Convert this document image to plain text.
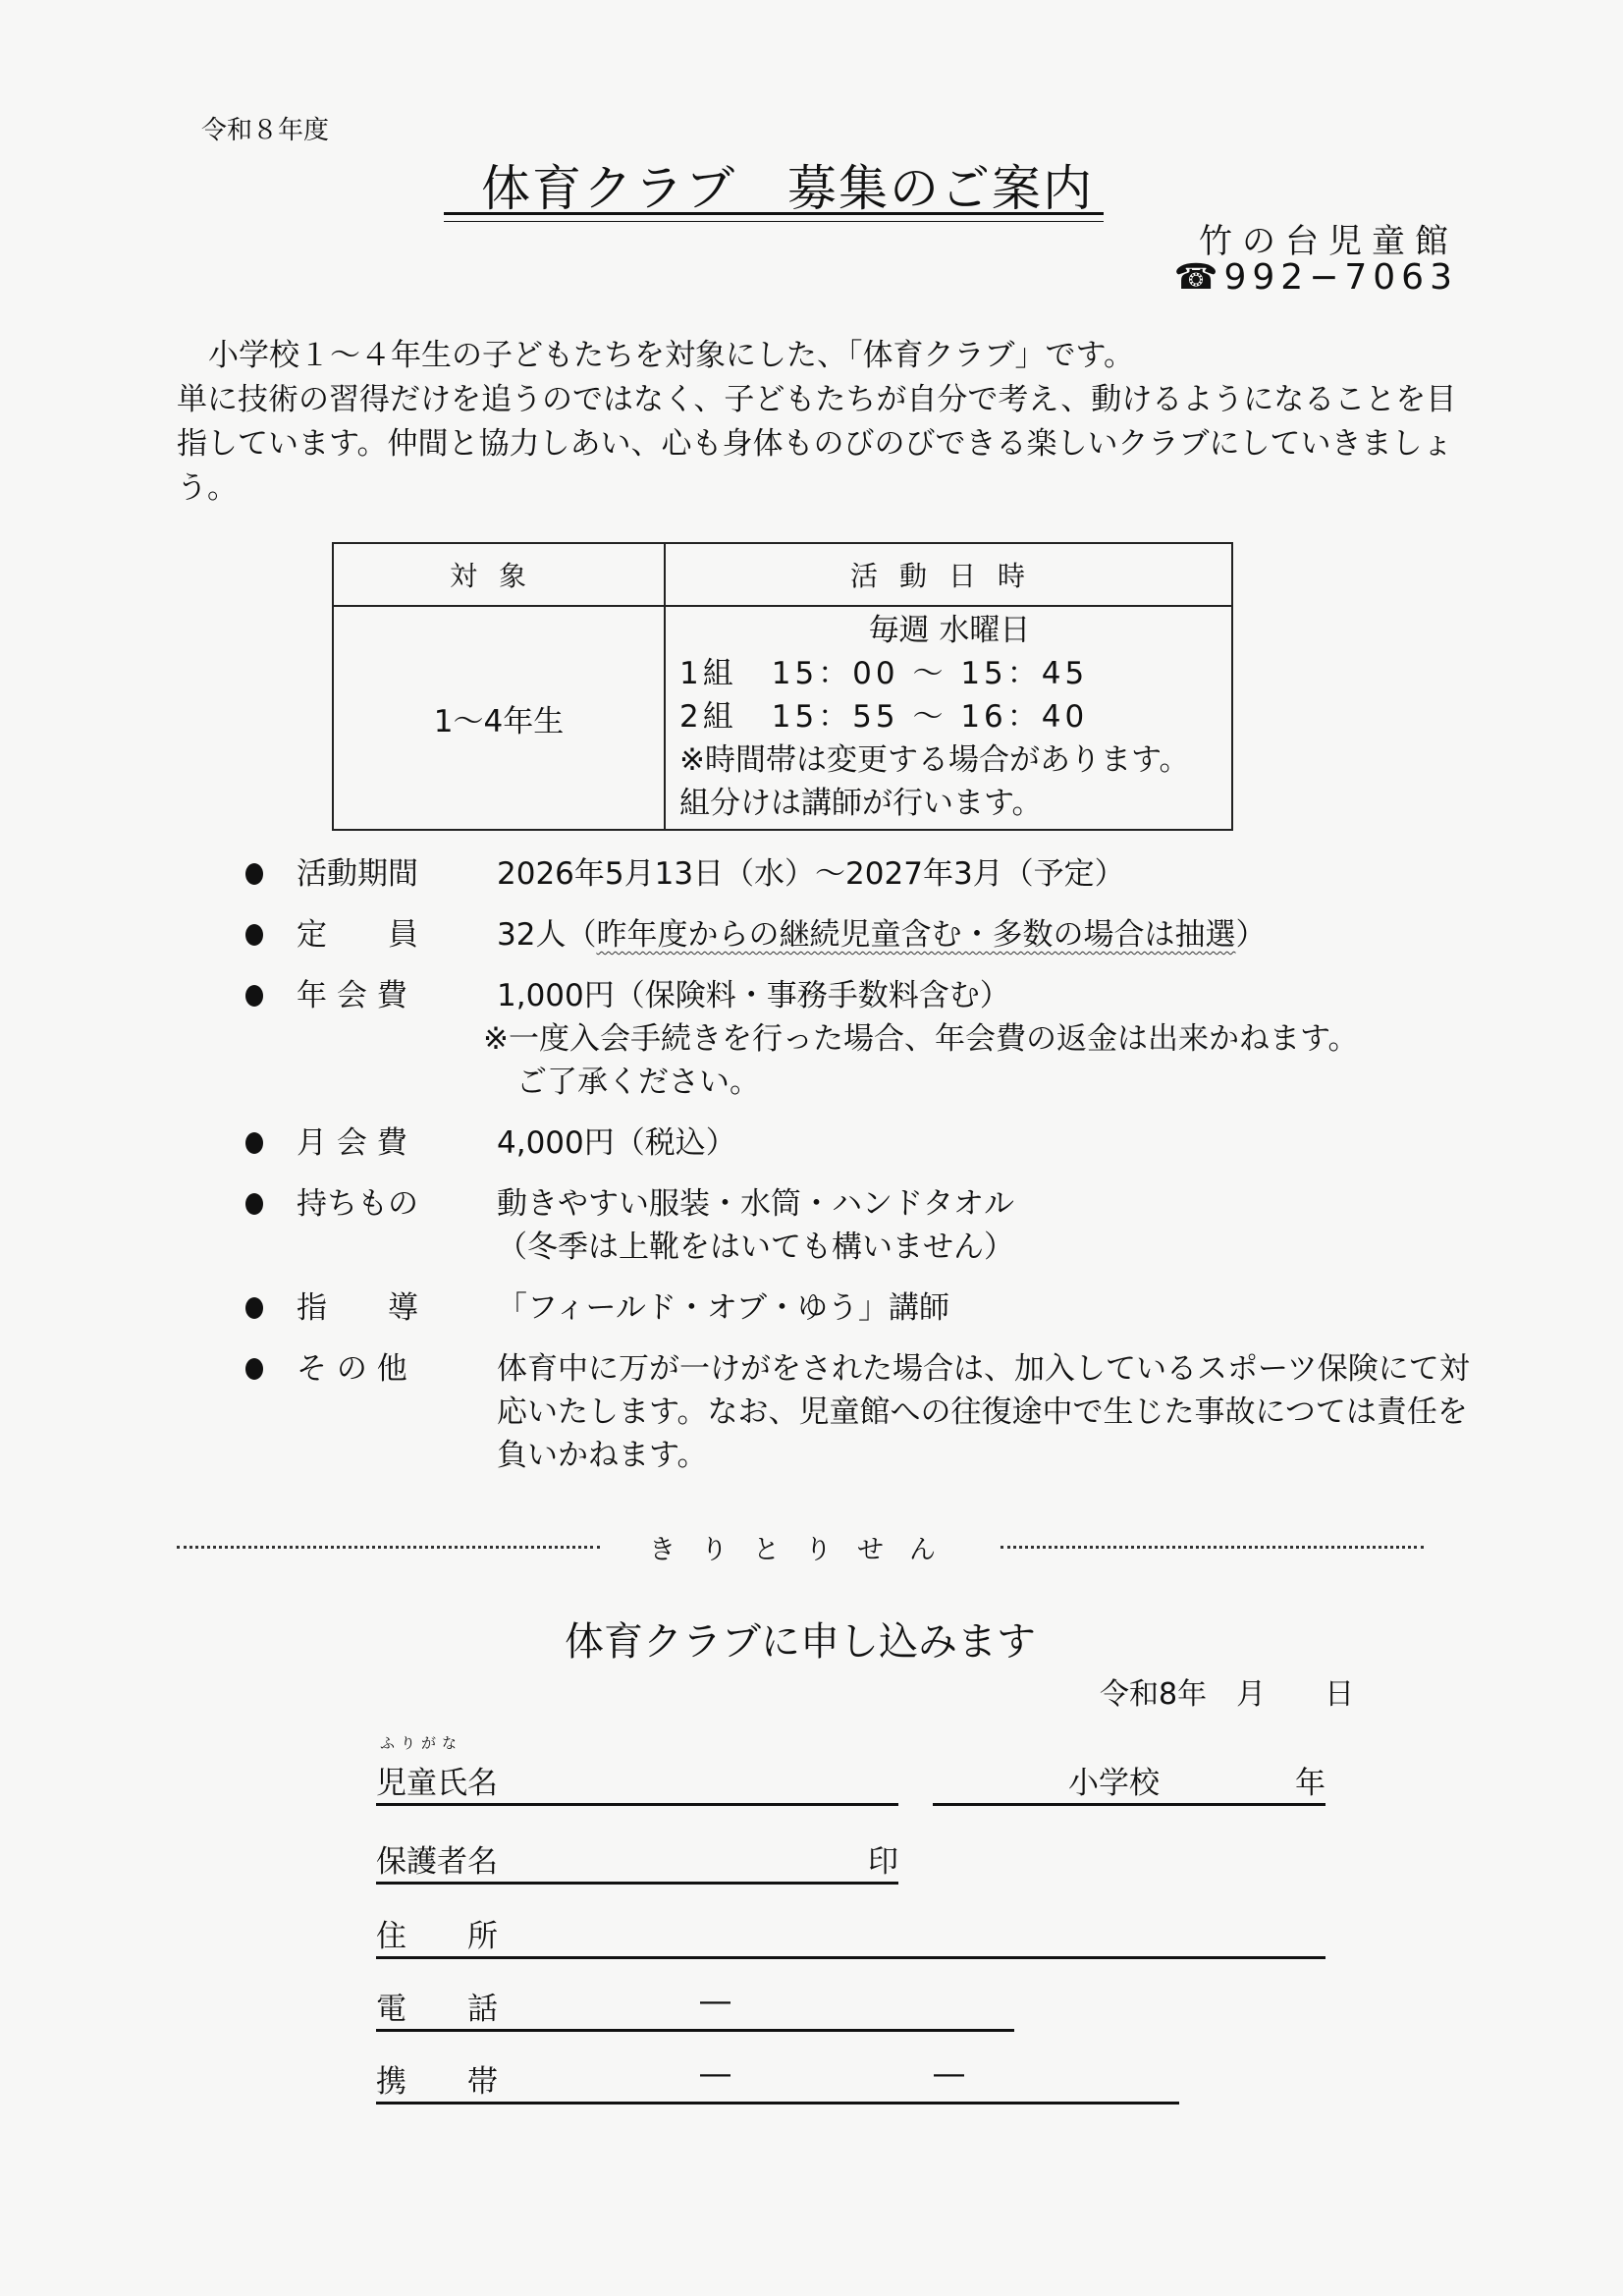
令和８年度
体育クラブ　募集のご案内
竹の台児童館
☎992−7063

小学校１～４年生の子どもたちを対象にした、「体育クラブ」です。

単に技術の習得だけを追うのではなく、子どもたちが自分で考え、動けるようになることを目指しています。仲間と協力しあい、心も身体ものびのびできる楽しいクラブにしていきましょう。

対象	活動日時
1～4年生	毎週 水曜日
1組　 15：00 ～ 15：45
2組　 15：55 ～ 16：40
※時間帯は変更する場合があります。
組分けは講師が行います。
活動期間	2026年5月13日（水）～2027年3月（予定）
定　　員	32人（昨年度からの継続児童含む・多数の場合は抽選）
年 会 費	1,000円（保険料・事務手数料含む）
※一度入会手続きを行った場合、年会費の返金は出来かねます。
ご了承ください。
月 会 費	4,000円（税込）
持ちもの	動きやすい服装・水筒・ハンドタオル
（冬季は上靴をはいても構いません）
指　　導	「フィールド・オブ・ゆう」講師
そ の 他	体育中に万が一けがをされた場合は、加入しているスポーツ保険にて対応いたします。なお、児童館への往復途中で生じた事故につては責任を負いかねます。
きりとりせん
体育クラブに申し込みます
令和8年　月　　日
ふりがな
児童氏名	小学校	年
保護者名	印
住　　所
電　　話	―
携　　帯	―	―
